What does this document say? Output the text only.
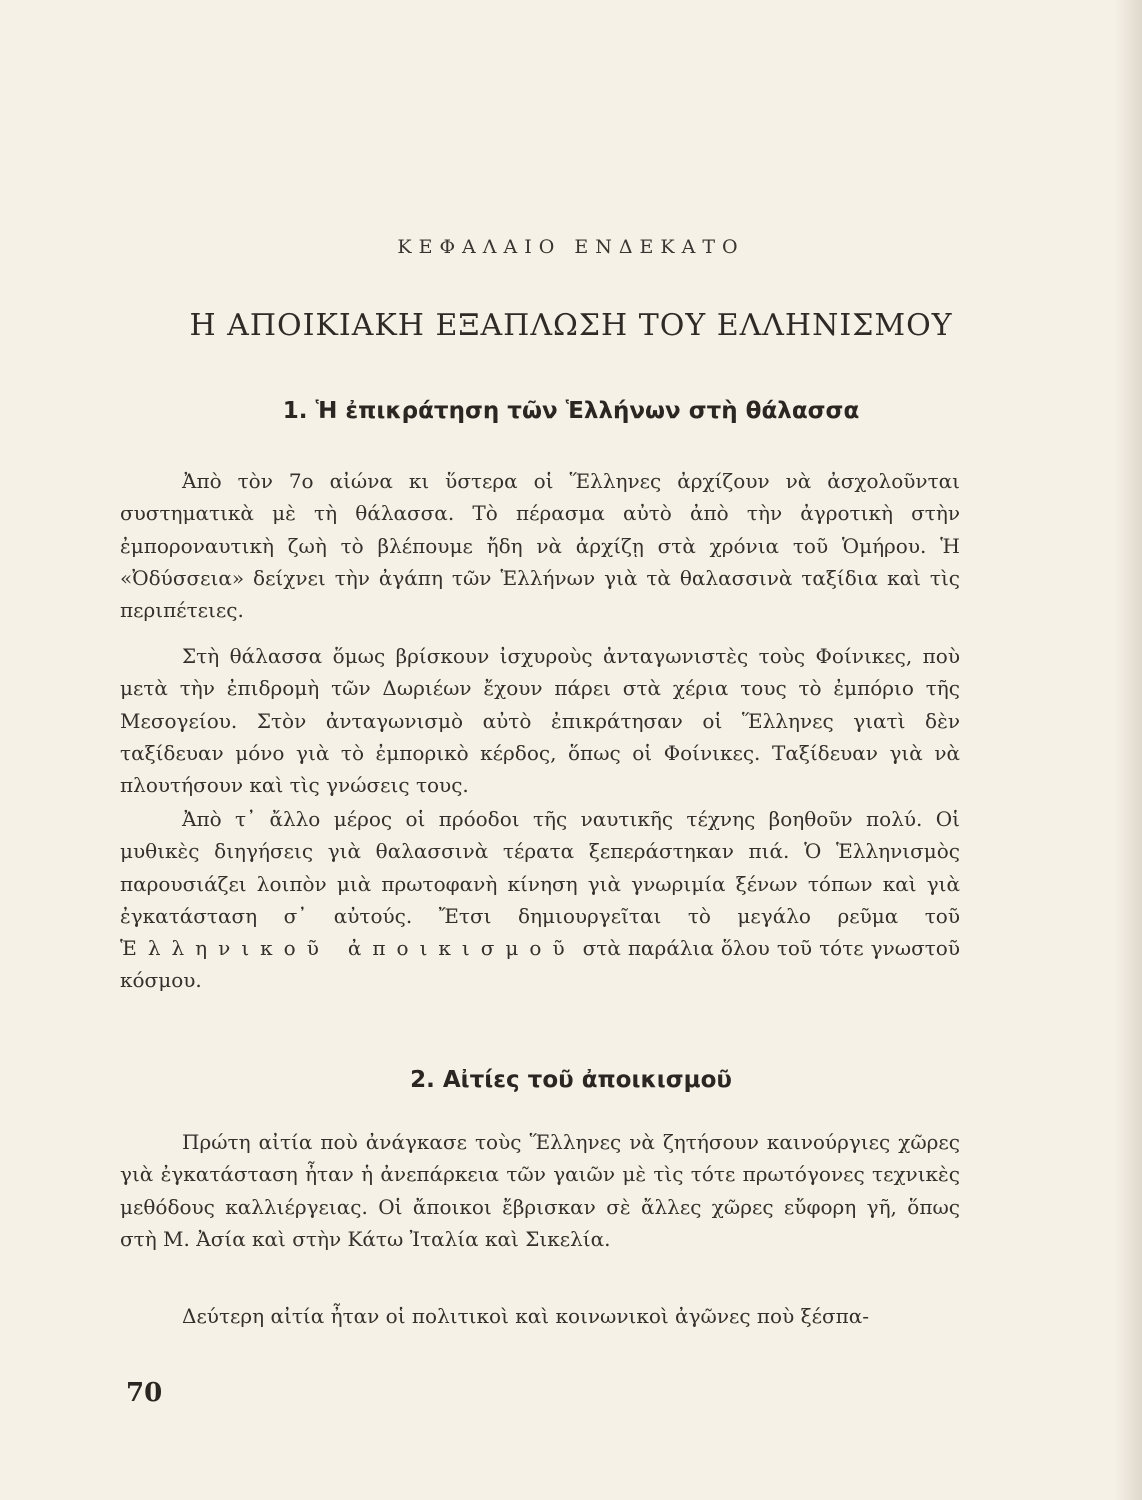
ΚΕΦΑΛΑΙΟ ΕΝΔΕΚΑΤΟ
Η ΑΠΟΙΚΙΑΚΗ ΕΞΑΠΛΩΣΗ ΤΟΥ ΕΛΛΗΝΙΣΜΟΥ
1. Ἡ ἐπικράτηση τῶν Ἑλλήνων στὴ θάλασσα

Ἀπὸ τὸν 7ο αἰώνα κι ὕστερα οἱ Ἕλληνες ἀρχίζουν νὰ ἀσχολοῦνται συστηματικὰ μὲ τὴ θάλασσα. Τὸ πέρασμα αὐτὸ ἀπὸ τὴν ἀγροτικὴ στὴν ἐμποροναυτικὴ ζωὴ τὸ βλέπουμε ἤδη νὰ ἀρχίζῃ στὰ χρόνια τοῦ Ὁμήρου. Ἡ «Ὀδύσσεια» δείχνει τὴν ἀγάπη τῶν Ἑλλήνων γιὰ τὰ θαλασσινὰ ταξίδια καὶ τὶς περιπέτειες.

Στὴ θάλασσα ὅμως βρίσκουν ἰσχυροὺς ἀνταγωνιστὲς τοὺς Φοίνικες, ποὺ μετὰ τὴν ἐπιδρομὴ τῶν Δωριέων ἔχουν πάρει στὰ χέρια τους τὸ ἐμπόριο τῆς Μεσογείου. Στὸν ἀνταγωνισμὸ αὐτὸ ἐπικράτησαν οἱ Ἕλληνες γιατὶ δὲν ταξίδευαν μόνο γιὰ τὸ ἐμπορικὸ κέρδος, ὅπως οἱ Φοίνικες. Ταξίδευαν γιὰ νὰ πλουτήσουν καὶ τὶς γνώσεις τους.

Ἀπὸ τ᾽ ἄλλο μέρος οἱ πρόοδοι τῆς ναυτικῆς τέχνης βοηθοῦν πολύ. Οἱ μυθικὲς διηγήσεις γιὰ θαλασσινὰ τέρατα ξεπεράστηκαν πιά. Ὁ Ἑλληνισμὸς παρουσιάζει λοιπὸν μιὰ πρωτοφανὴ κίνηση γιὰ γνωριμία ξένων τόπων καὶ γιὰ ἐγκατάσταση σ᾽ αὐτούς. Ἔτσι δημιουργεῖται τὸ μεγάλο ρεῦμα τοῦ Ἑλληνικοῦ ἀποικισμοῦ στὰ παράλια ὅλου τοῦ τότε γνωστοῦ κόσμου.

2. Αἰτίες τοῦ ἀποικισμοῦ

Πρώτη αἰτία ποὺ ἀνάγκασε τοὺς Ἕλληνες νὰ ζητήσουν καινούργιες χῶρες γιὰ ἐγκατάσταση ἦταν ἡ ἀνεπάρκεια τῶν γαιῶν μὲ τὶς τότε πρωτόγονες τεχνικὲς μεθόδους καλλιέργειας. Οἱ ἄποικοι ἔβρισκαν σὲ ἄλλες χῶρες εὔφορη γῆ, ὅπως στὴ Μ. Ἀσία καὶ στὴν Κάτω Ἰταλία καὶ Σικελία.

Δεύτερη αἰτία ἦταν οἱ πολιτικοὶ καὶ κοινωνικοὶ ἀγῶνες ποὺ ξέσπα-

70
